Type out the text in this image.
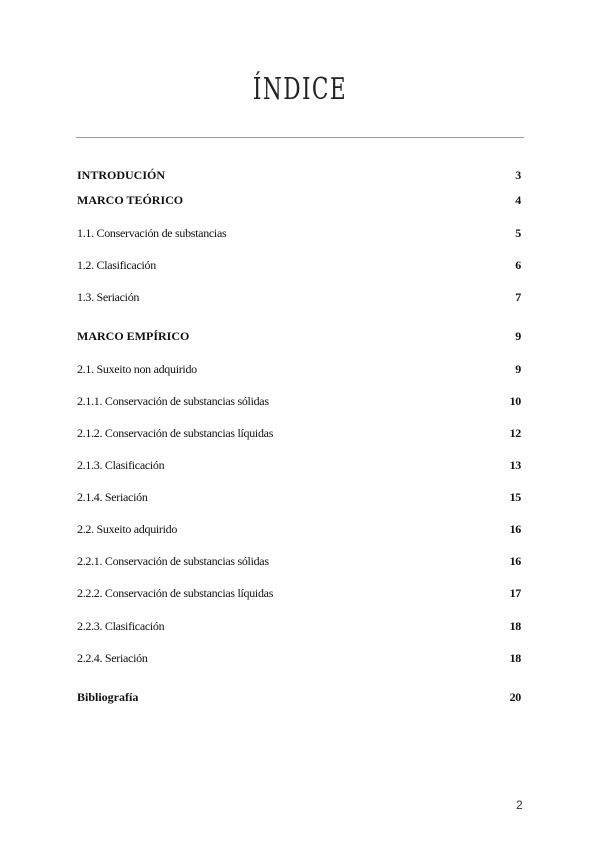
ÍNDICE
INTRODUCIÓN	3
MARCO TEÓRICO	4
1.1. Conservación de substancias	5
1.2. Clasificación	6
1.3. Seriación	7
MARCO EMPÍRICO	9
2.1. Suxeito non adquirido	9
2.1.1. Conservación de substancias sólidas	10
2.1.2. Conservación de substancias líquidas	12
2.1.3. Clasificación	13
2.1.4. Seriación	15
2.2. Suxeito adquirido	16
2.2.1. Conservación de substancias sólidas	16
2.2.2. Conservación de substancias líquidas	17
2.2.3. Clasificación	18
2.2.4. Seriación	18
Bibliografía	20
2
